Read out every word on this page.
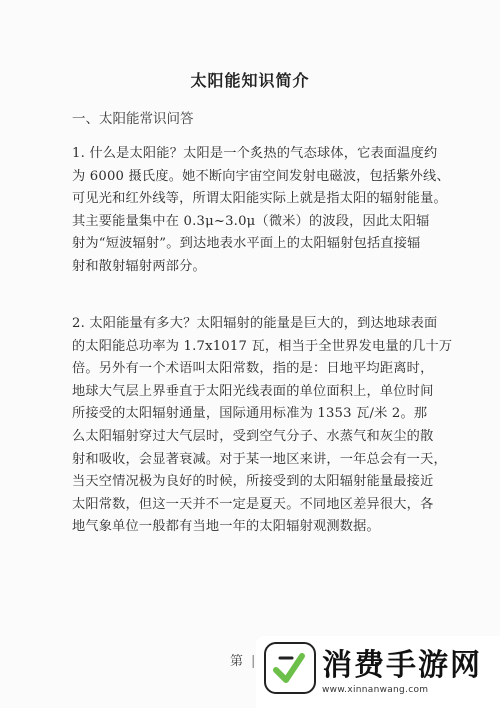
太阳能知识简介
一、太阳能常识问答
1. 什么是太阳能？太阳是一个炙热的气态球体，它表面温度约
为 6000 摄氏度。她不断向宇宙空间发射电磁波，包括紫外线、
可见光和红外线等，所谓太阳能实际上就是指太阳的辐射能量。
其主要能量集中在 0.3μ~3.0μ（微米）的波段，因此太阳辐
射为“短波辐射”。到达地表水平面上的太阳辐射包括直接辐
射和散射辐射两部分。
2. 太阳能量有多大？太阳辐射的能量是巨大的，到达地球表面
的太阳能总功率为 1.7x1017 瓦，相当于全世界发电量的几十万
倍。另外有一个术语叫太阳常数，指的是：日地平均距离时，
地球大气层上界垂直于太阳光线表面的单位面积上，单位时间
所接受的太阳辐射通量，国际通用标准为 1353 瓦/米 2。那
么太阳辐射穿过大气层时，受到空气分子、水蒸气和灰尘的散
射和吸收，会显著衰减。对于某一地区来讲，一年总会有一天，
当天空情况极为良好的时候，所接受到的太阳辐射能量最接近
太阳常数，但这一天并不一定是夏天。不同地区差异很大，各
地气象单位一般都有当地一年的太阳辐射观测数据。
第 | 消费手游网
www.xinnanwang.com
